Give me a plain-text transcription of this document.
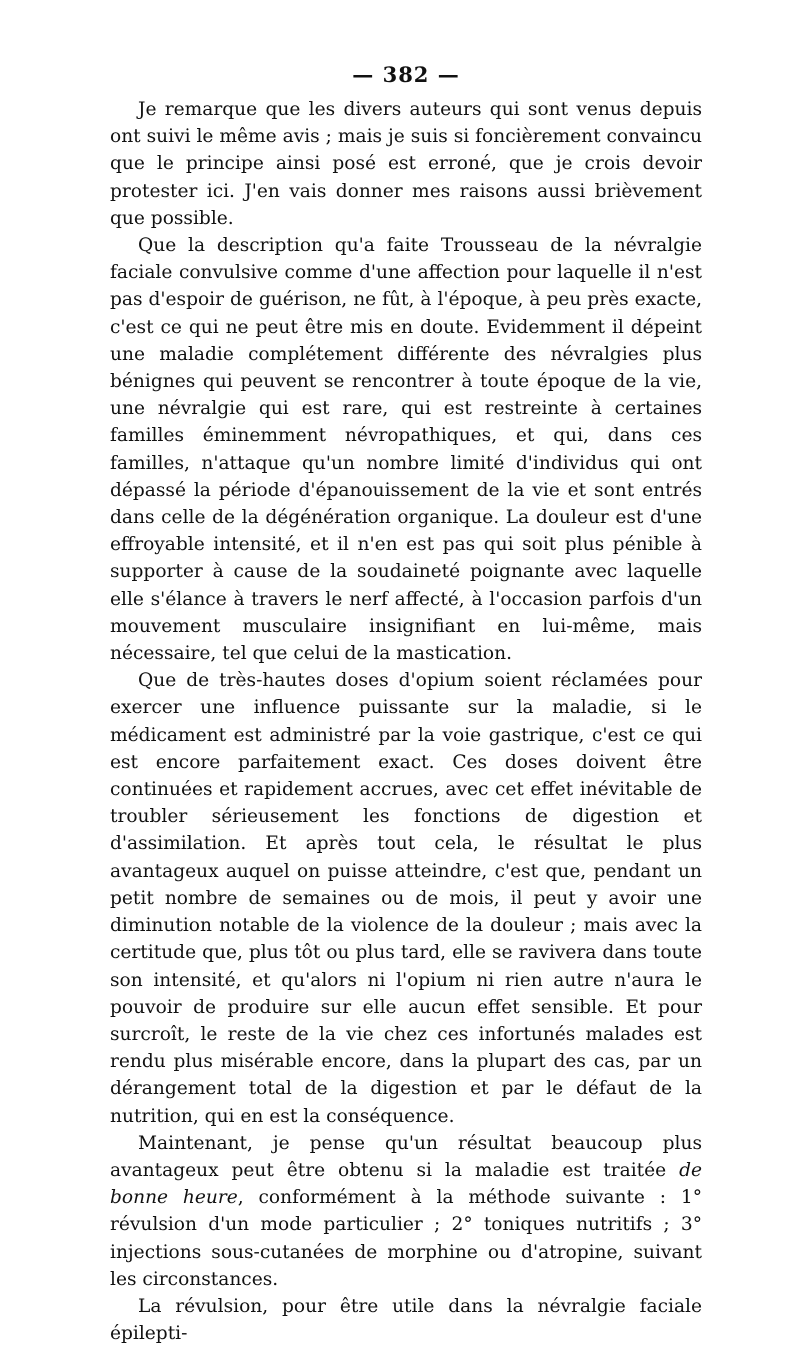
— 382 —

Je remarque que les divers auteurs qui sont venus depuis ont suivi le même avis ; mais je suis si foncièrement convaincu que le principe ainsi posé est erroné, que je crois devoir protester ici. J'en vais donner mes raisons aussi brièvement que possible.

Que la description qu'a faite Trousseau de la névralgie faciale convulsive comme d'une affection pour laquelle il n'est pas d'espoir de guérison, ne fût, à l'époque, à peu près exacte, c'est ce qui ne peut être mis en doute. Evidemment il dépeint une maladie complétement différente des névralgies plus bénignes qui peuvent se rencontrer à toute époque de la vie, une névralgie qui est rare, qui est restreinte à certaines familles éminemment névropathiques, et qui, dans ces familles, n'attaque qu'un nombre limité d'individus qui ont dépassé la période d'épanouissement de la vie et sont entrés dans celle de la dégénération organique. La douleur est d'une effroyable intensité, et il n'en est pas qui soit plus pénible à supporter à cause de la soudaineté poignante avec laquelle elle s'élance à travers le nerf affecté, à l'occasion parfois d'un mouvement musculaire insignifiant en lui-même, mais nécessaire, tel que celui de la mastication.

Que de très-hautes doses d'opium soient réclamées pour exercer une influence puissante sur la maladie, si le médicament est administré par la voie gastrique, c'est ce qui est encore parfaitement exact. Ces doses doivent être continuées et rapidement accrues, avec cet effet inévitable de troubler sérieusement les fonctions de digestion et d'assimilation. Et après tout cela, le résultat le plus avantageux auquel on puisse atteindre, c'est que, pendant un petit nombre de semaines ou de mois, il peut y avoir une diminution notable de la violence de la douleur ; mais avec la certitude que, plus tôt ou plus tard, elle se ravivera dans toute son intensité, et qu'alors ni l'opium ni rien autre n'aura le pouvoir de produire sur elle aucun effet sensible. Et pour surcroît, le reste de la vie chez ces infortunés malades est rendu plus misérable encore, dans la plupart des cas, par un dérangement total de la digestion et par le défaut de la nutrition, qui en est la conséquence.

Maintenant, je pense qu'un résultat beaucoup plus avantageux peut être obtenu si la maladie est traitée de bonne heure, conformément à la méthode suivante : 1° révulsion d'un mode particulier ; 2° toniques nutritifs ; 3° injections sous-cutanées de morphine ou d'atropine, suivant les circonstances.

La révulsion, pour être utile dans la névralgie faciale épilepti-
